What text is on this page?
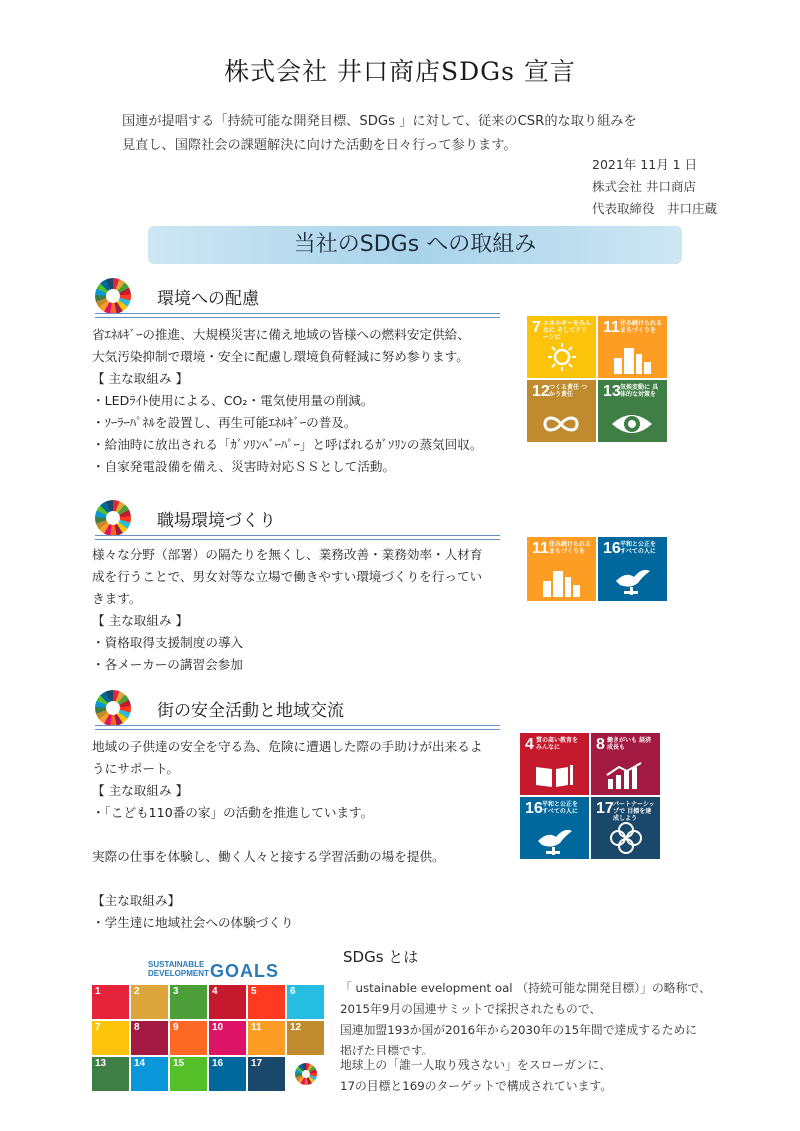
株式会社 井口商店SDGs 宣言
国連が提唱する「持続可能な開発目標、SDGs 」に対して、従来のCSR的な取り組みを
見直し、国際社会の課題解決に向けた活動を日々行って参ります。
2021年 11月 1 日
株式会社 井口商店
代表取締役　井口庄蔵
当社のSDGs への取組み
環境への配慮
省ｴﾈﾙｷﾞｰの推進、大規模災害に備え地域の皆様への燃料安定供給、
大気汚染抑制で環境・安全に配慮し環境負荷軽減に努め参ります。
【 主な取組み 】
・LEDﾗｲﾄ使用による、CO₂・電気使用量の削減。
・ｿｰﾗｰﾊﾟﾈﾙを設置し、再生可能ｴﾈﾙｷﾞｰの普及。
・給油時に放出される「ｶﾞｿﾘﾝﾍﾞｰﾊﾟｰ」と呼ばれるｶﾞｿﾘﾝの蒸気回収。
・自家発電設備を備え、災害時対応ＳＳとして活動。
7 エネルギーをみんなに そしてクリーンに
11 住み続けられる まちづくりを
12 つくる責任 つかう責任	13 気候変動に 具体的な対策を
職場環境づくり
様々な分野（部署）の隔たりを無くし、業務改善・業務効率・人材育
成を行うことで、男女対等な立場で働きやすい環境づくりを行ってい
きます。
【 主な取組み 】
・資格取得支援制度の導入
・各メーカーの講習会参加
11 住み続けられる まちづくりを	16 平和と公正を すべての人に
街の安全活動と地域交流
地域の子供達の安全を守る為、危険に遭遇した際の手助けが出来るよ
うにサポート。
【 主な取組み 】
・「こども110番の家」の活動を推進しています。
実際の仕事を体験し、働く人々と接する学習活動の場を提供。
【主な取組み】
・学生達に地域社会への体験づくり
4 質の高い教育を みんなに	8 働きがいも 経済成長も
16 平和と公正を すべての人に	17 パートナーシップで 目標を達成しよう
SUSTAINABLE
DEVELOPMENT GOALS
1	2	3	4	5	6
7	8	9	10	11	12
13	14	15	16	17
SDGs とは
「 ustainable evelopment oal （持続可能な開発目標）」の略称で、
2015年9月の国連サミットで採択されたもので、
国連加盟193か国が2016年から2030年の15年間で達成するために
掲げた目標です。
地球上の「誰一人取り残さない」をスローガンに、
17の目標と169のターゲットで構成されています。
